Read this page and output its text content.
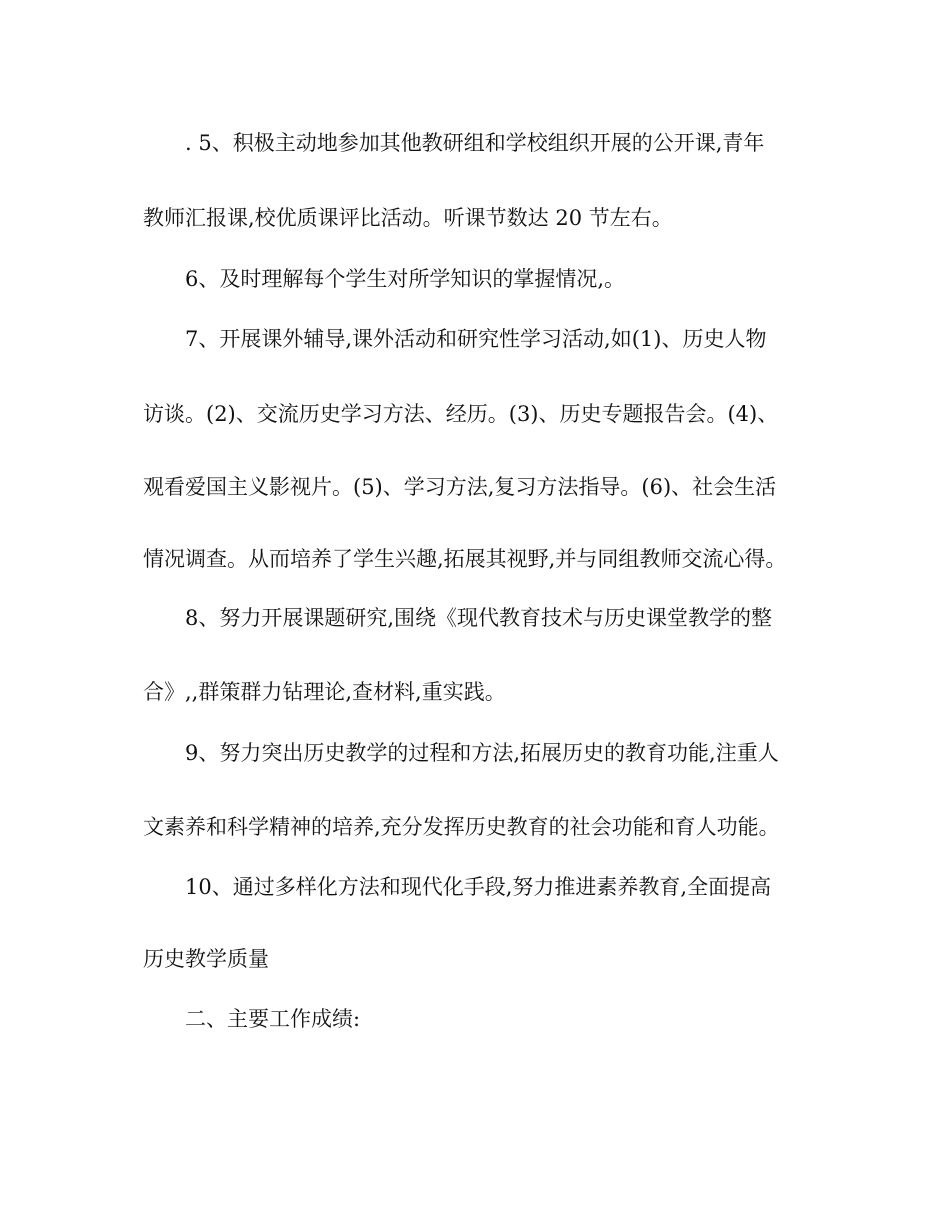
. 5、积极主动地参加其他教研组和学校组织开展的公开课,青年
教师汇报课,校优质课评比活动。听课节数达 20 节左右。
6、及时理解每个学生对所学知识的掌握情况,。
7、开展课外辅导,课外活动和研究性学习活动,如(1)、历史人物
访谈。(2)、交流历史学习方法、经历。(3)、历史专题报告会。(4)、
观看爱国主义影视片。(5)、学习方法,复习方法指导。(6)、社会生活
情况调查。从而培养了学生兴趣,拓展其视野,并与同组教师交流心得。
8、努力开展课题研究,围绕《现代教育技术与历史课堂教学的整
合》,,群策群力钻理论,查材料,重实践。
9、努力突出历史教学的过程和方法,拓展历史的教育功能,注重人
文素养和科学精神的培养,充分发挥历史教育的社会功能和育人功能。
10、通过多样化方法和现代化手段,努力推进素养教育,全面提高
历史教学质量
二、主要工作成绩:
